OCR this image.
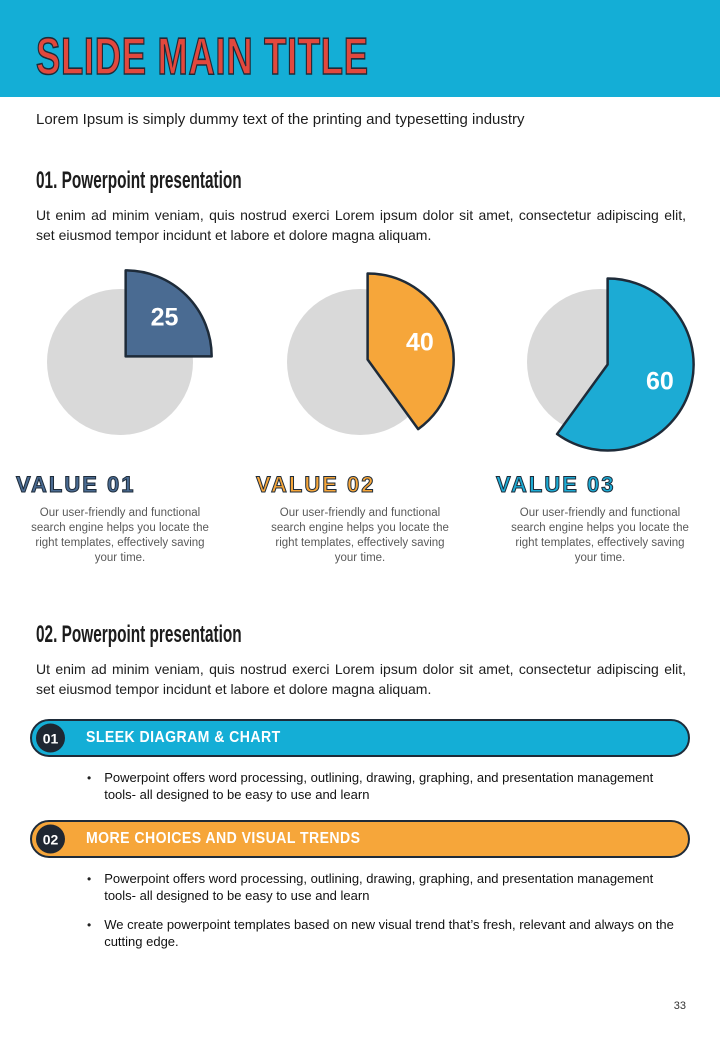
SLIDE MAIN TITLE

Lorem Ipsum is simply dummy text of the printing and typesetting industry

01. Powerpoint presentation

Ut enim ad minim veniam, quis nostrud exerci Lorem ipsum dolor sit amet, consectetur adipiscing elit, set eiusmod tempor incidunt et labore et dolore magna aliquam.

25
VALUE 01

Our user-friendly and functional search engine helps you locate the right templates, effectively saving your time.

40
VALUE 02

Our user-friendly and functional search engine helps you locate the right templates, effectively saving your time.

60
VALUE 03

Our user-friendly and functional search engine helps you locate the right templates, effectively saving your time.

02. Powerpoint presentation

Ut enim ad minim veniam, quis nostrud exerci Lorem ipsum dolor sit amet, consectetur adipiscing elit, set eiusmod tempor incidunt et labore et dolore magna aliquam.

01	SLEEK DIAGRAM & CHART
•
Powerpoint offers word processing, outlining, drawing, graphing, and presentation management tools- all designed to be easy to use and learn
02	MORE CHOICES AND VISUAL TRENDS
•
Powerpoint offers word processing, outlining, drawing, graphing, and presentation management tools- all designed to be easy to use and learn
•
We create powerpoint templates based on new visual trend that’s fresh, relevant and always on the cutting edge.
33
